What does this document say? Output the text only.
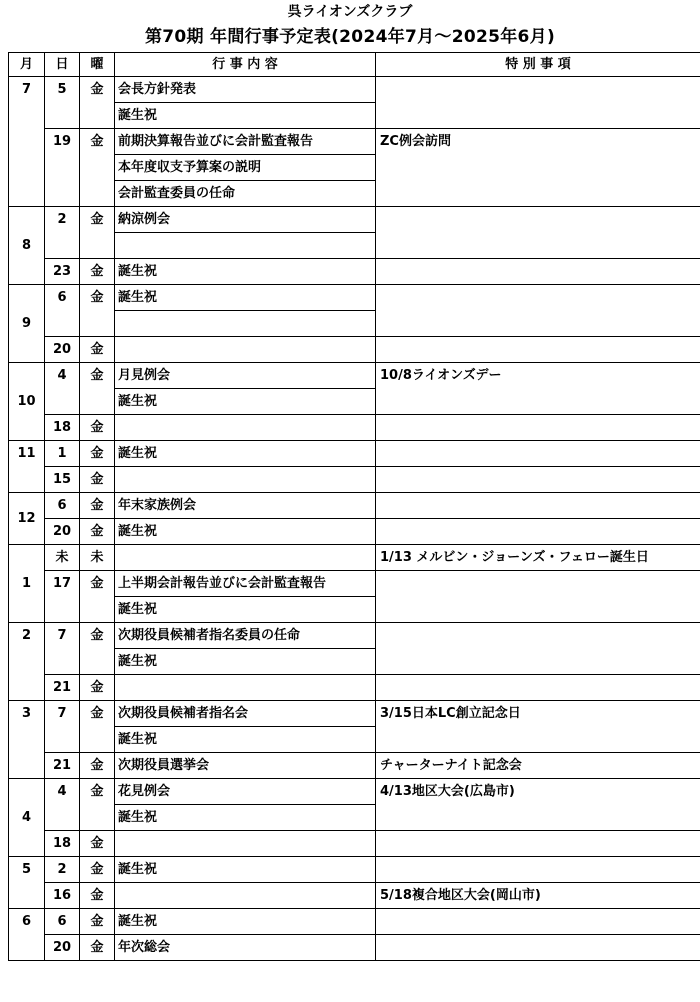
呉ライオンズクラブ
第70期 年間行事予定表(2024年7月～2025年6月)
月	日	曜	行 事 内 容	特 別 事 項
7	5	金	会長方針発表	
			誕生祝	
	19	金	前期決算報告並びに会計監査報告	ZC例会訪問
			本年度収支予算案の説明	
			会計監査委員の任命	
8	2	金	納涼例会	

	23	金	誕生祝	
9	6	金	誕生祝	

	20	金		
10	4	金	月見例会	10/8ライオンズデー
			誕生祝	
	18	金		
11	1	金	誕生祝	
	15	金		
12	6	金	年末家族例会	
	20	金	誕生祝	
1	未	未		1/13 メルビン・ジョーンズ・フェロー誕生日
	17	金	上半期会計報告並びに会計監査報告	
			誕生祝	
2	7	金	次期役員候補者指名委員の任命	
			誕生祝	
	21	金		
3	7	金	次期役員候補者指名会	3/15日本LC創立記念日
			誕生祝	
	21	金	次期役員選挙会	チャーターナイト記念会
4	4	金	花見例会	4/13地区大会(広島市)
			誕生祝	
	18	金		
5	2	金	誕生祝	
	16	金		5/18複合地区大会(岡山市)
6	6	金	誕生祝	
	20	金	年次総会	
